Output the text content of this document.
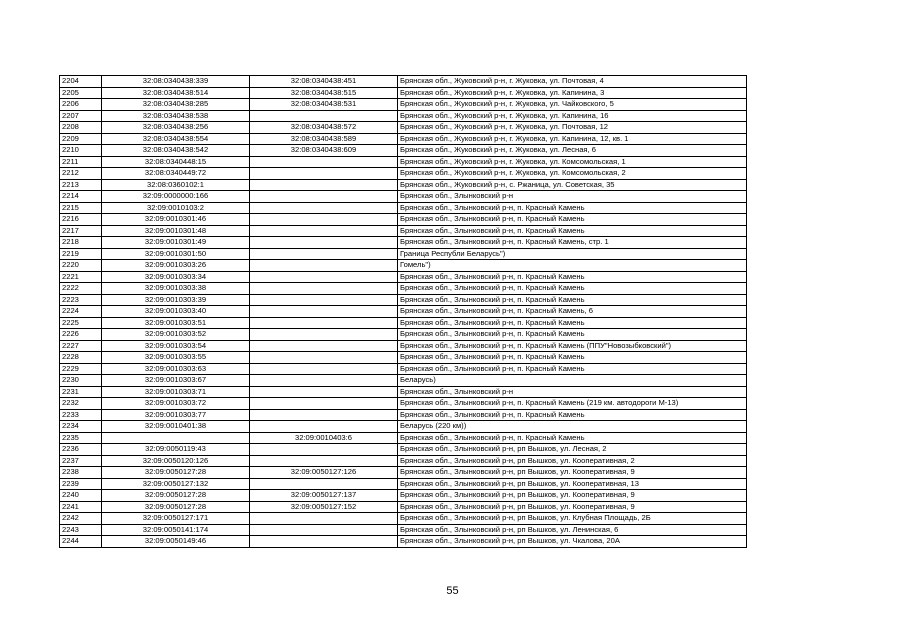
2204	32:08:0340438:339	32:08:0340438:451	Брянская обл., Жуковский р-н, г. Жуковка, ул. Почтовая, 4
2205	32:08:0340438:514	32:08:0340438:515	Брянская обл., Жуковский р-н, г. Жуковка, ул. Капинина, 3
2206	32:08:0340438:285	32:08:0340438:531	Брянская обл., Жуковский р-н, г. Жуковка, ул. Чайковского, 5
2207	32:08:0340438:538		Брянская обл., Жуковский р-н, г. Жуковка, ул. Капинина, 16
2208	32:08:0340438:256	32:08:0340438:572	Брянская обл., Жуковский р-н, г. Жуковка, ул. Почтовая, 12
2209	32:08:0340438:554	32:08:0340438:589	Брянская обл., Жуковский р-н, г. Жуковка, ул. Капинина, 12, кв. 1
2210	32:08:0340438:542	32:08:0340438:609	Брянская обл., Жуковский р-н, г. Жуковка, ул. Лесная, 6
2211	32:08:0340448:15		Брянская обл., Жуковский р-н, г. Жуковка, ул. Комсомольская, 1
2212	32:08:0340449:72		Брянская обл., Жуковский р-н, г. Жуковка, ул. Комсомольская, 2
2213	32:08:0360102:1		Брянская обл., Жуковский р-н, с. Ржаница, ул. Советская, 35
2214	32:09:0000000:166		Брянская обл., Злынковский р-н
2215	32:09:0010103:2		Брянская обл., Злынковский р-н, п. Красный Камень
2216	32:09:0010301:46		Брянская обл., Злынковский р-н, п. Красный Камень
2217	32:09:0010301:48		Брянская обл., Злынковский р-н, п. Красный Камень
2218	32:09:0010301:49		Брянская обл., Злынковский р-н, п. Красный Камень, стр. 1
2219	32:09:0010301:50		Граница Республи Беларусь")
2220	32:09:0010303:26		Гомель")
2221	32:09:0010303:34		Брянская обл., Злынковский р-н, п. Красный Камень
2222	32:09:0010303:38		Брянская обл., Злынковский р-н, п. Красный Камень
2223	32:09:0010303:39		Брянская обл., Злынковский р-н, п. Красный Камень
2224	32:09:0010303:40		Брянская обл., Злынковский р-н, п. Красный Камень, 6
2225	32:09:0010303:51		Брянская обл., Злынковский р-н, п. Красный Камень
2226	32:09:0010303:52		Брянская обл., Злынковский р-н, п. Красный Камень
2227	32:09:0010303:54		Брянская обл., Злынковский р-н, п. Красный Камень (ППУ"Новозыбковский")
2228	32:09:0010303:55		Брянская обл., Злынковский р-н, п. Красный Камень
2229	32:09:0010303:63		Брянская обл., Злынковский р-н, п. Красный Камень
2230	32:09:0010303:67		Беларусь)
2231	32:09:0010303:71		Брянская обл., Злынковский р-н
2232	32:09:0010303:72		Брянская обл., Злынковский р-н, п. Красный Камень (219 км. автодороги М-13)
2233	32:09:0010303:77		Брянская обл., Злынковский р-н, п. Красный Камень
2234	32:09:0010401:38		Беларусь (220 км))
2235		32:09:0010403:6	Брянская обл., Злынковский р-н, п. Красный Камень
2236	32:09:0050119:43		Брянская обл., Злынковский р-н, рп Вышков, ул. Лесная, 2
2237	32:09:0050120:126		Брянская обл., Злынковский р-н, рп Вышков, ул. Кооперативная, 2
2238	32:09:0050127:28	32:09:0050127:126	Брянская обл., Злынковский р-н, рп Вышков, ул. Кооперативная, 9
2239	32:09:0050127:132		Брянская обл., Злынковский р-н, рп Вышков, ул. Кооперативная, 13
2240	32:09:0050127:28	32:09:0050127:137	Брянская обл., Злынковский р-н, рп Вышков, ул. Кооперативная, 9
2241	32:09:0050127:28	32:09:0050127:152	Брянская обл., Злынковский р-н, рп Вышков, ул. Кооперативная, 9
2242	32:09:0050127:171		Брянская обл., Злынковский р-н, рп Вышков, ул. Клубная Площадь, 2Б
2243	32:09:0050141:174		Брянская обл., Злынковский р-н, рп Вышков, ул. Ленинская, 6
2244	32:09:0050149:46		Брянская обл., Злынковский р-н, рп Вышков, ул. Чкалова, 20А
55
